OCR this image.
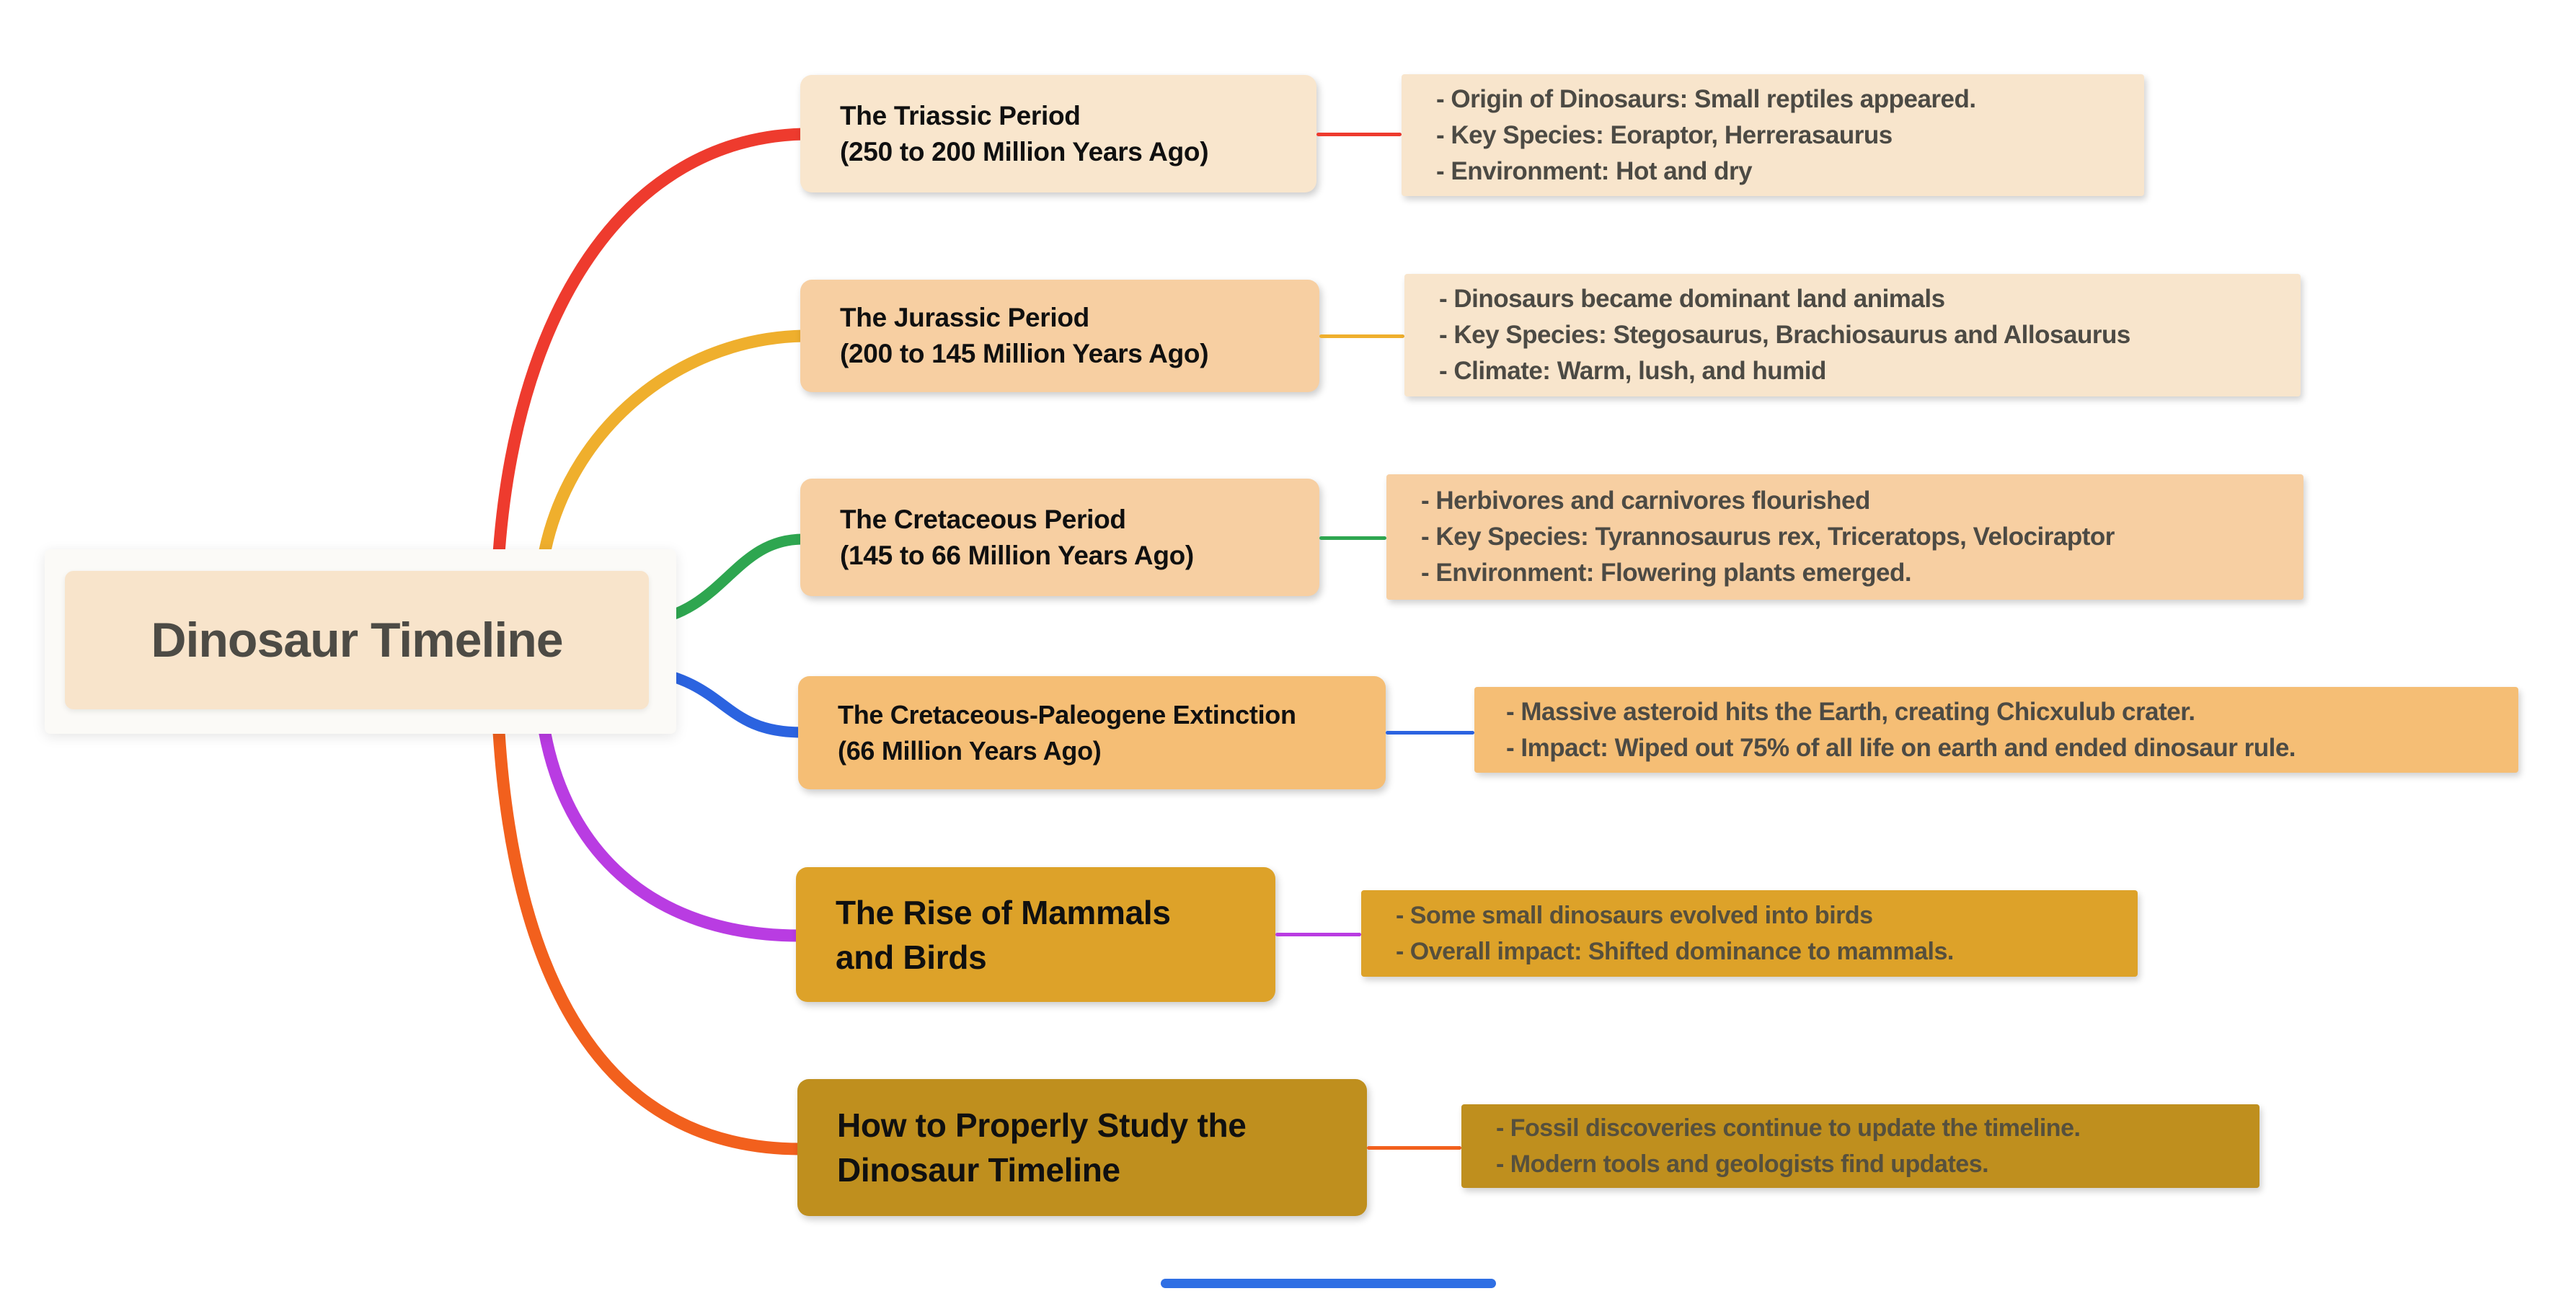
Dinosaur Timeline
The Triassic Period
(250 to 200 Million Years Ago)
- Origin of Dinosaurs: Small reptiles appeared.
- Key Species: Eoraptor, Herrerasaurus
- Environment: Hot and dry
The Jurassic Period
(200 to 145 Million Years Ago)
- Dinosaurs became dominant land animals
- Key Species: Stegosaurus, Brachiosaurus and Allosaurus
- Climate: Warm, lush, and humid
The Cretaceous Period
(145 to 66 Million Years Ago)
- Herbivores and carnivores flourished
- Key Species: Tyrannosaurus rex, Triceratops, Velociraptor
- Environment: Flowering plants emerged.
The Cretaceous-Paleogene Extinction
(66 Million Years Ago)
- Massive asteroid hits the Earth, creating Chicxulub crater.
- Impact: Wiped out 75% of all life on earth and ended dinosaur rule.
The Rise of Mammals
and Birds
- Some small dinosaurs evolved into birds
- Overall impact: Shifted dominance to mammals.
How to Properly Study the
Dinosaur Timeline
- Fossil discoveries continue to update the timeline.
- Modern tools and geologists find updates.
